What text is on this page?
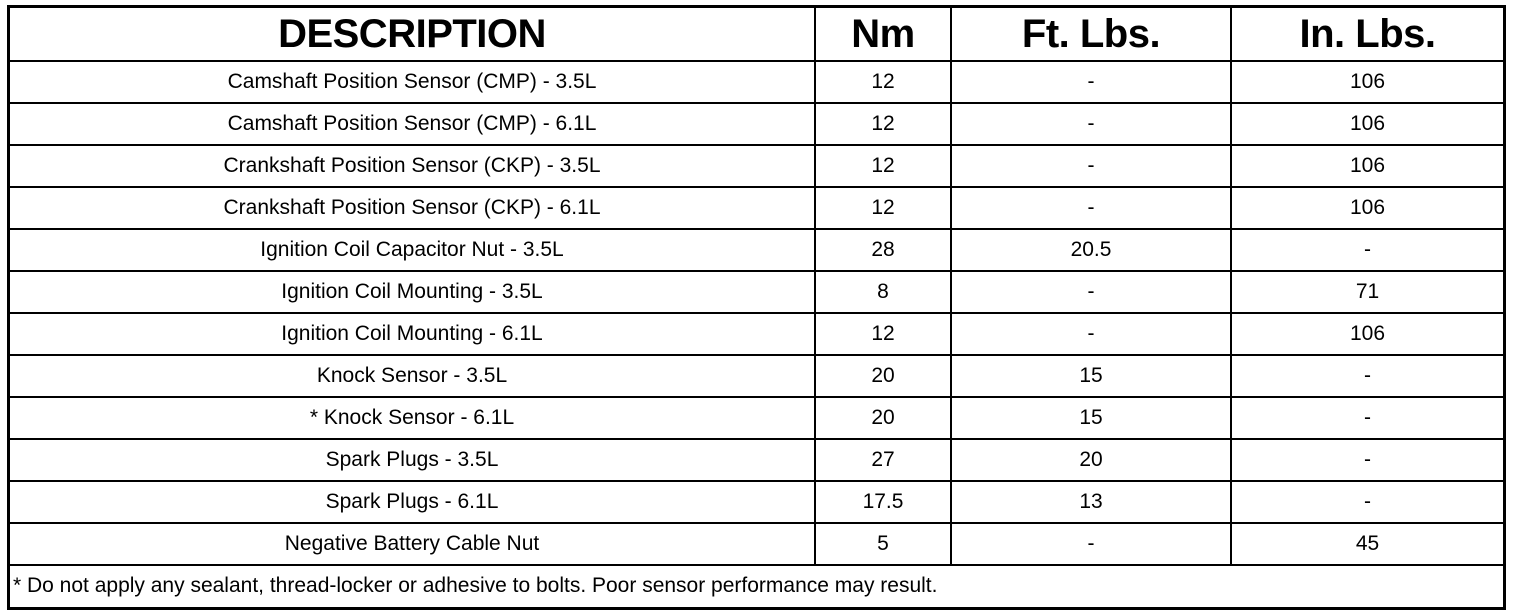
DESCRIPTION	Nm	Ft. Lbs.	In. Lbs.
Camshaft Position Sensor (CMP) - 3.5L	12	-	106
Camshaft Position Sensor (CMP) - 6.1L	12	-	106
Crankshaft Position Sensor (CKP) - 3.5L	12	-	106
Crankshaft Position Sensor (CKP) - 6.1L	12	-	106
Ignition Coil Capacitor Nut - 3.5L	28	20.5	-
Ignition Coil Mounting - 3.5L	8	-	71
Ignition Coil Mounting - 6.1L	12	-	106
Knock Sensor - 3.5L	20	15	-
* Knock Sensor - 6.1L	20	15	-
Spark Plugs - 3.5L	27	20	-
Spark Plugs - 6.1L	17.5	13	-
Negative Battery Cable Nut	5	-	45
* Do not apply any sealant, thread-locker or adhesive to bolts. Poor sensor performance may result.			
